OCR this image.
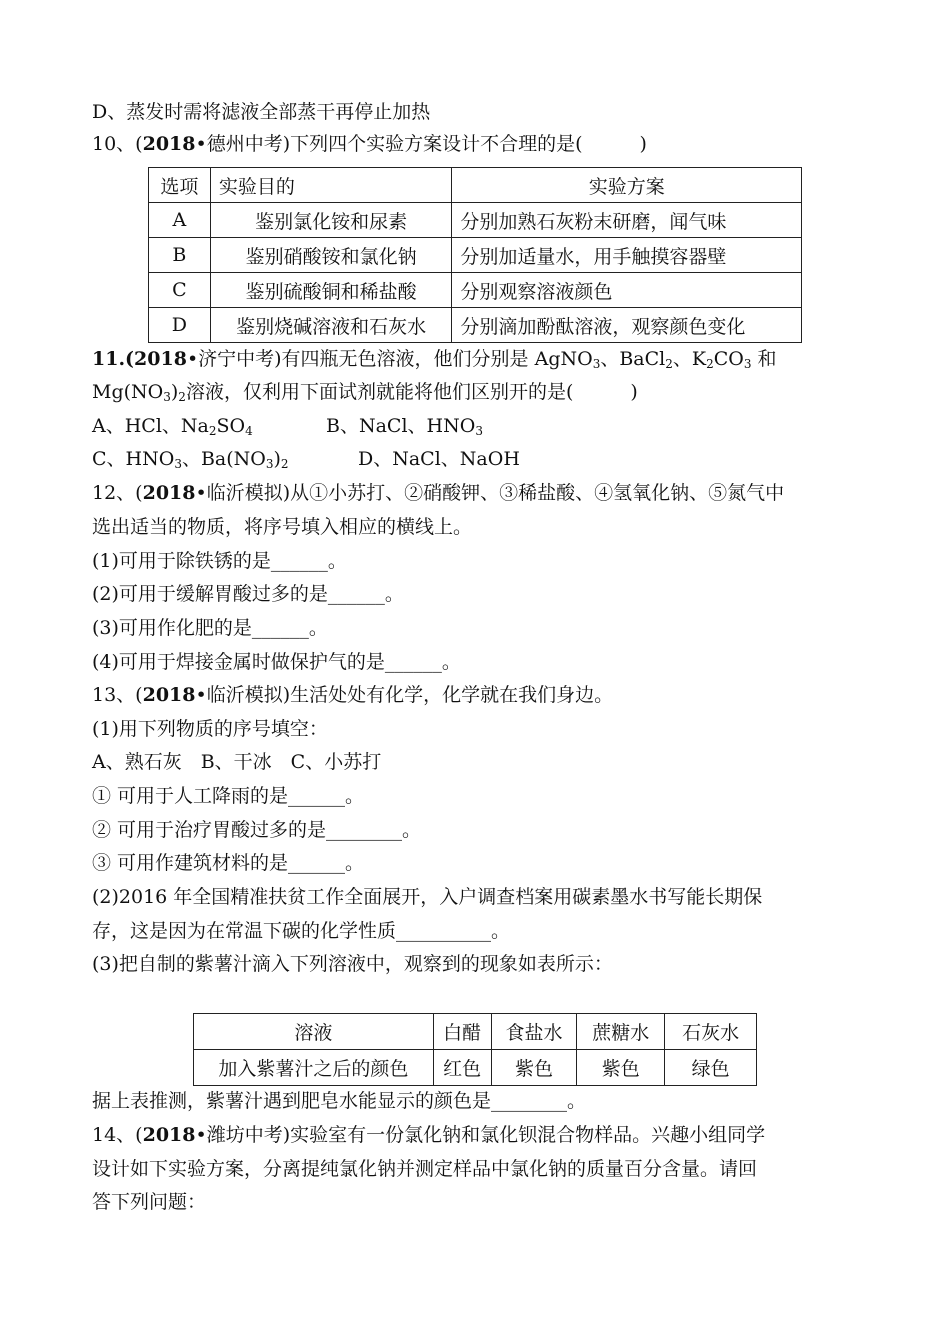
D、蒸发时需将滤液全部蒸干再停止加热
10、(2018•德州中考)下列四个实验方案设计不合理的是(　　　)
选项	实验目的	实验方案
A	鉴别氯化铵和尿素	分别加熟石灰粉末研磨，闻气味
B	鉴别硝酸铵和氯化钠	分别加适量水，用手触摸容器壁
C	鉴别硫酸铜和稀盐酸	分别观察溶液颜色
D	鉴别烧碱溶液和石灰水	分别滴加酚酞溶液，观察颜色变化
11.(2018•济宁中考)有四瓶无色溶液，他们分别是 AgNO$_3$、BaCl$_2$、$K_2CO_3$ 和
$Mg(NO_3)_2$溶液，仅利用下面试剂就能将他们区别开的是(　　　)
A、HCl、$Na_2SO_4$	B、NaCl、$HNO_3$
C、$HNO_3$、$Ba(NO_3)_2$	D、NaCl、NaOH
12、(2018•临沂模拟)从①小苏打、②硝酸钾、③稀盐酸、④氢氧化钠、⑤氮气中
选出适当的物质，将序号填入相应的横线上。
(1)可用于除铁锈的是______。
(2)可用于缓解胃酸过多的是______。
(3)可用作化肥的是______。
(4)可用于焊接金属时做保护气的是______。
13、(2018•临沂模拟)生活处处有化学，化学就在我们身边。
(1)用下列物质的序号填空：
A、熟石灰　B、干冰　C、小苏打
① 可用于人工降雨的是______。
② 可用于治疗胃酸过多的是________。
③ 可用作建筑材料的是______。
(2)2016 年全国精准扶贫工作全面展开，入户调查档案用碳素墨水书写能长期保
存，这是因为在常温下碳的化学性质__________。
(3)把自制的紫薯汁滴入下列溶液中，观察到的现象如表所示：
溶液	白醋	食盐水	蔗糖水	石灰水
加入紫薯汁之后的颜色	红色	紫色	紫色	绿色
据上表推测，紫薯汁遇到肥皂水能显示的颜色是________。
14、(2018•潍坊中考)实验室有一份氯化钠和氯化钡混合物样品。兴趣小组同学
设计如下实验方案，分离提纯氯化钠并测定样品中氯化钠的质量百分含量。请回
答下列问题：
